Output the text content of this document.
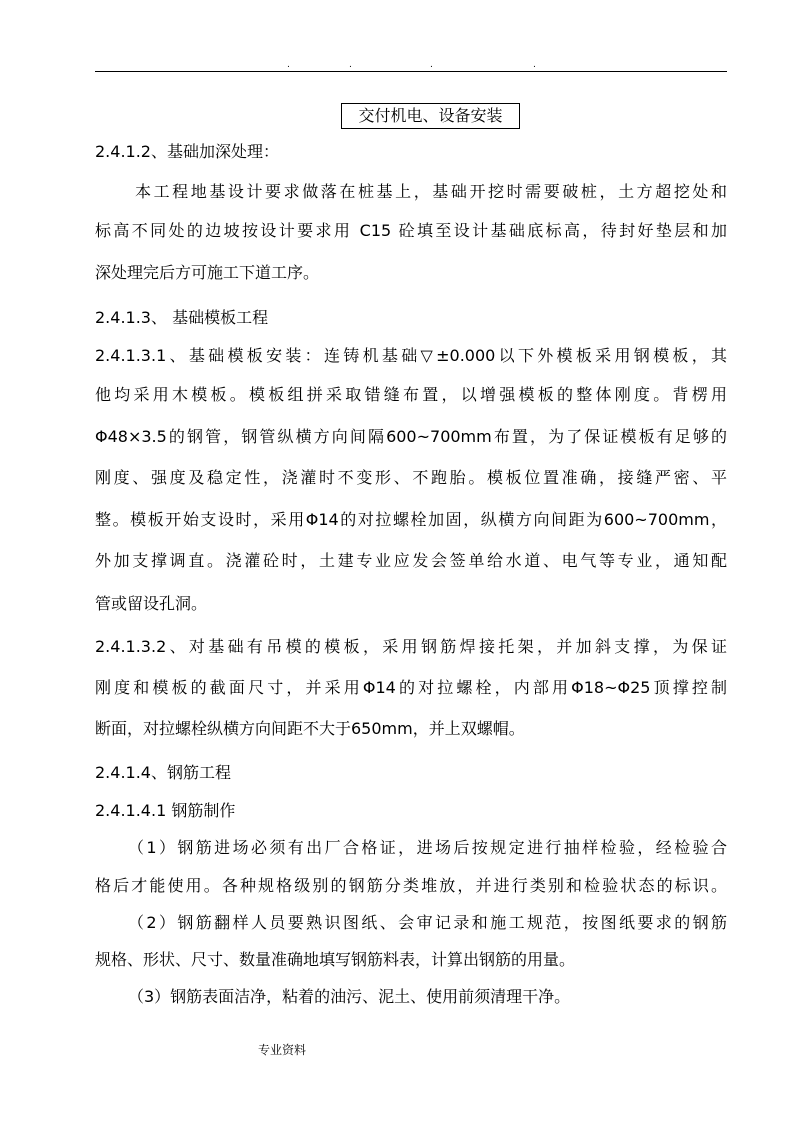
.	.	.	.
交付机电、设备安装
2.4.1.2、基础加深处理：
本工程地基设计要求做落在桩基上，基础开挖时需要破桩，土方超挖处和
标高不同处的边坡按设计要求用 C15 砼填至设计基础底标高，待封好垫层和加
深处理完后方可施工下道工序。
2.4.1.3、 基础模板工程
2.4.1.3.1、基础模板安装：连铸机基础▽±0.000以下外模板采用钢模板，其
他均采用木模板。模板组拼采取错缝布置，以增强模板的整体刚度。背楞用
Φ48×3.5的钢管，钢管纵横方向间隔600~700mm布置，为了保证模板有足够的
刚度、强度及稳定性，浇灌时不变形、不跑胎。模板位置准确，接缝严密、平
整。模板开始支设时，采用Φ14的对拉螺栓加固，纵横方向间距为600~700mm，
外加支撑调直。浇灌砼时，土建专业应发会签单给水道、电气等专业，通知配
管或留设孔洞。
2.4.1.3.2、对基础有吊模的模板，采用钢筋焊接托架，并加斜支撑，为保证
刚度和模板的截面尺寸，并采用Φ14的对拉螺栓，内部用Φ18~Φ25顶撑控制
断面，对拉螺栓纵横方向间距不大于650mm，并上双螺帽。
2.4.1.4、钢筋工程
2.4.1.4.1 钢筋制作
（1）钢筋进场必须有出厂合格证，进场后按规定进行抽样检验，经检验合
格后才能使用。各种规格级别的钢筋分类堆放，并进行类别和检验状态的标识。
（2）钢筋翻样人员要熟识图纸、会审记录和施工规范，按图纸要求的钢筋
规格、形状、尺寸、数量准确地填写钢筋料表，计算出钢筋的用量。
（3）钢筋表面洁净，粘着的油污、泥土、使用前须清理干净。
专业资料
